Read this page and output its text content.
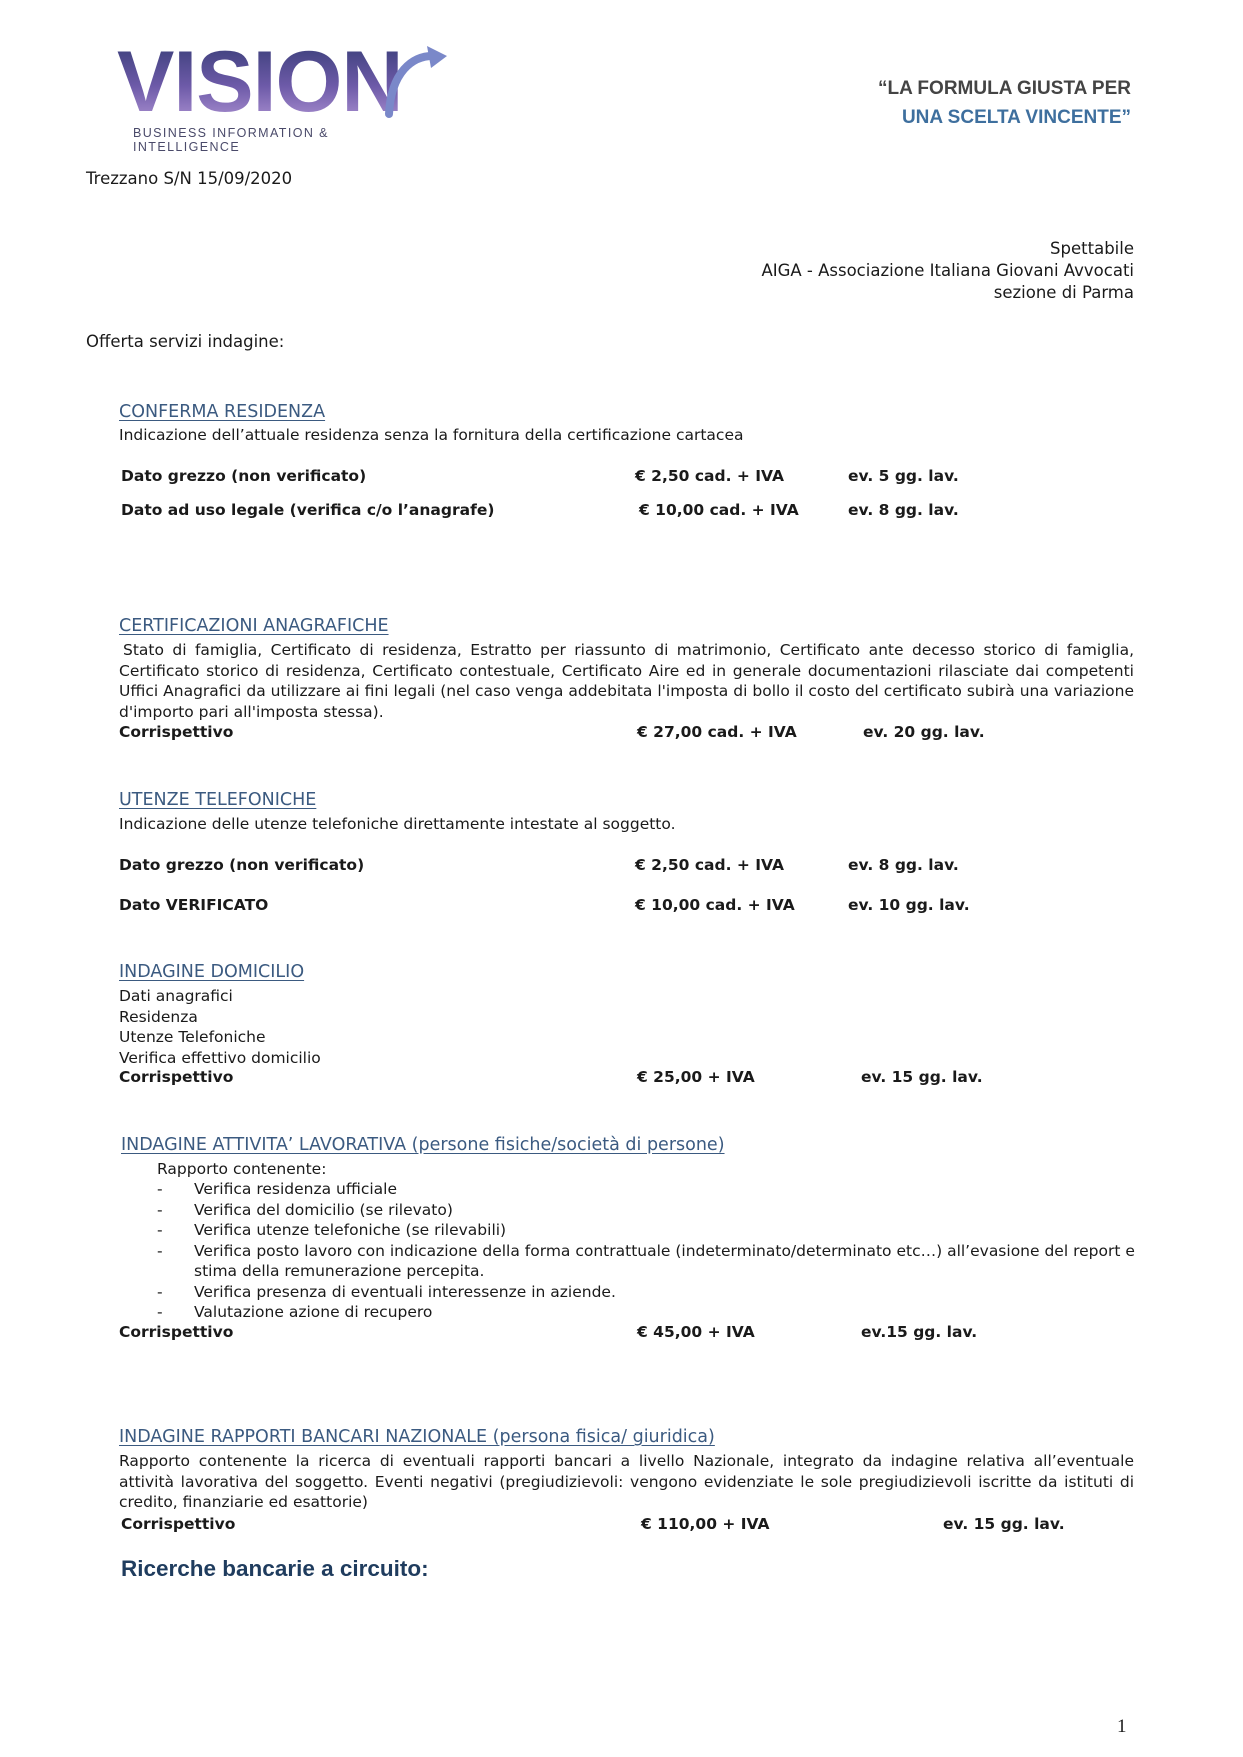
VISION
BUSINESS INFORMATION & INTELLIGENCE
“LA FORMULA GIUSTA PER
UNA SCELTA VINCENTE”
Trezzano S/N 15/09/2020
Spettabile
AIGA - Associazione Italiana Giovani Avvocati
sezione di Parma
Offerta servizi indagine:
CONFERMA RESIDENZA
Indicazione dell’attuale residenza senza la fornitura della certificazione cartacea
Dato grezzo (non verificato)	€ 2,50 cad. + IVA	ev. 5 gg. lav.
Dato ad uso legale (verifica c/o l’anagrafe)	€ 10,00 cad. + IVA	ev. 8 gg. lav.
CERTIFICAZIONI ANAGRAFICHE
Stato di famiglia, Certificato di residenza, Estratto per riassunto di matrimonio, Certificato ante decesso storico di famiglia, Certificato storico di residenza, Certificato contestuale, Certificato Aire ed in generale documentazioni rilasciate dai competenti Uffici Anagrafici da utilizzare ai fini legali (nel caso venga addebitata l'imposta di bollo il costo del certificato subirà una variazione d'importo pari all'imposta stessa).
Corrispettivo	€ 27,00 cad. + IVA	ev. 20 gg. lav.
UTENZE TELEFONICHE
Indicazione delle utenze telefoniche direttamente intestate al soggetto.
Dato grezzo (non verificato)	€ 2,50 cad. + IVA	ev. 8 gg. lav.
Dato VERIFICATO	€ 10,00 cad. + IVA	ev. 10 gg. lav.
INDAGINE DOMICILIO
Dati anagrafici
Residenza
Utenze Telefoniche
Verifica effettivo domicilio
Corrispettivo	€ 25,00 + IVA	ev. 15 gg. lav.
INDAGINE ATTIVITA’ LAVORATIVA (persone fisiche/società di persone)
Rapporto contenente:
- Verifica residenza ufficiale
- Verifica del domicilio (se rilevato)
- Verifica utenze telefoniche (se rilevabili)
- Verifica posto lavoro con indicazione della forma contrattuale (indeterminato/determinato etc…) all’evasione del report e stima della remunerazione percepita.
- Verifica presenza di eventuali interessenze in aziende.
- Valutazione azione di recupero
Corrispettivo	€ 45,00 + IVA	ev.15 gg. lav.
INDAGINE RAPPORTI BANCARI NAZIONALE (persona fisica/ giuridica)
Rapporto contenente la ricerca di eventuali rapporti bancari a livello Nazionale, integrato da indagine relativa all’eventuale attività lavorativa del soggetto. Eventi negativi (pregiudizievoli: vengono evidenziate le sole pregiudizievoli iscritte da istituti di credito, finanziarie ed esattorie)
Corrispettivo	€ 110,00 + IVA	ev. 15 gg. lav.
Ricerche bancarie a circuito:
1
